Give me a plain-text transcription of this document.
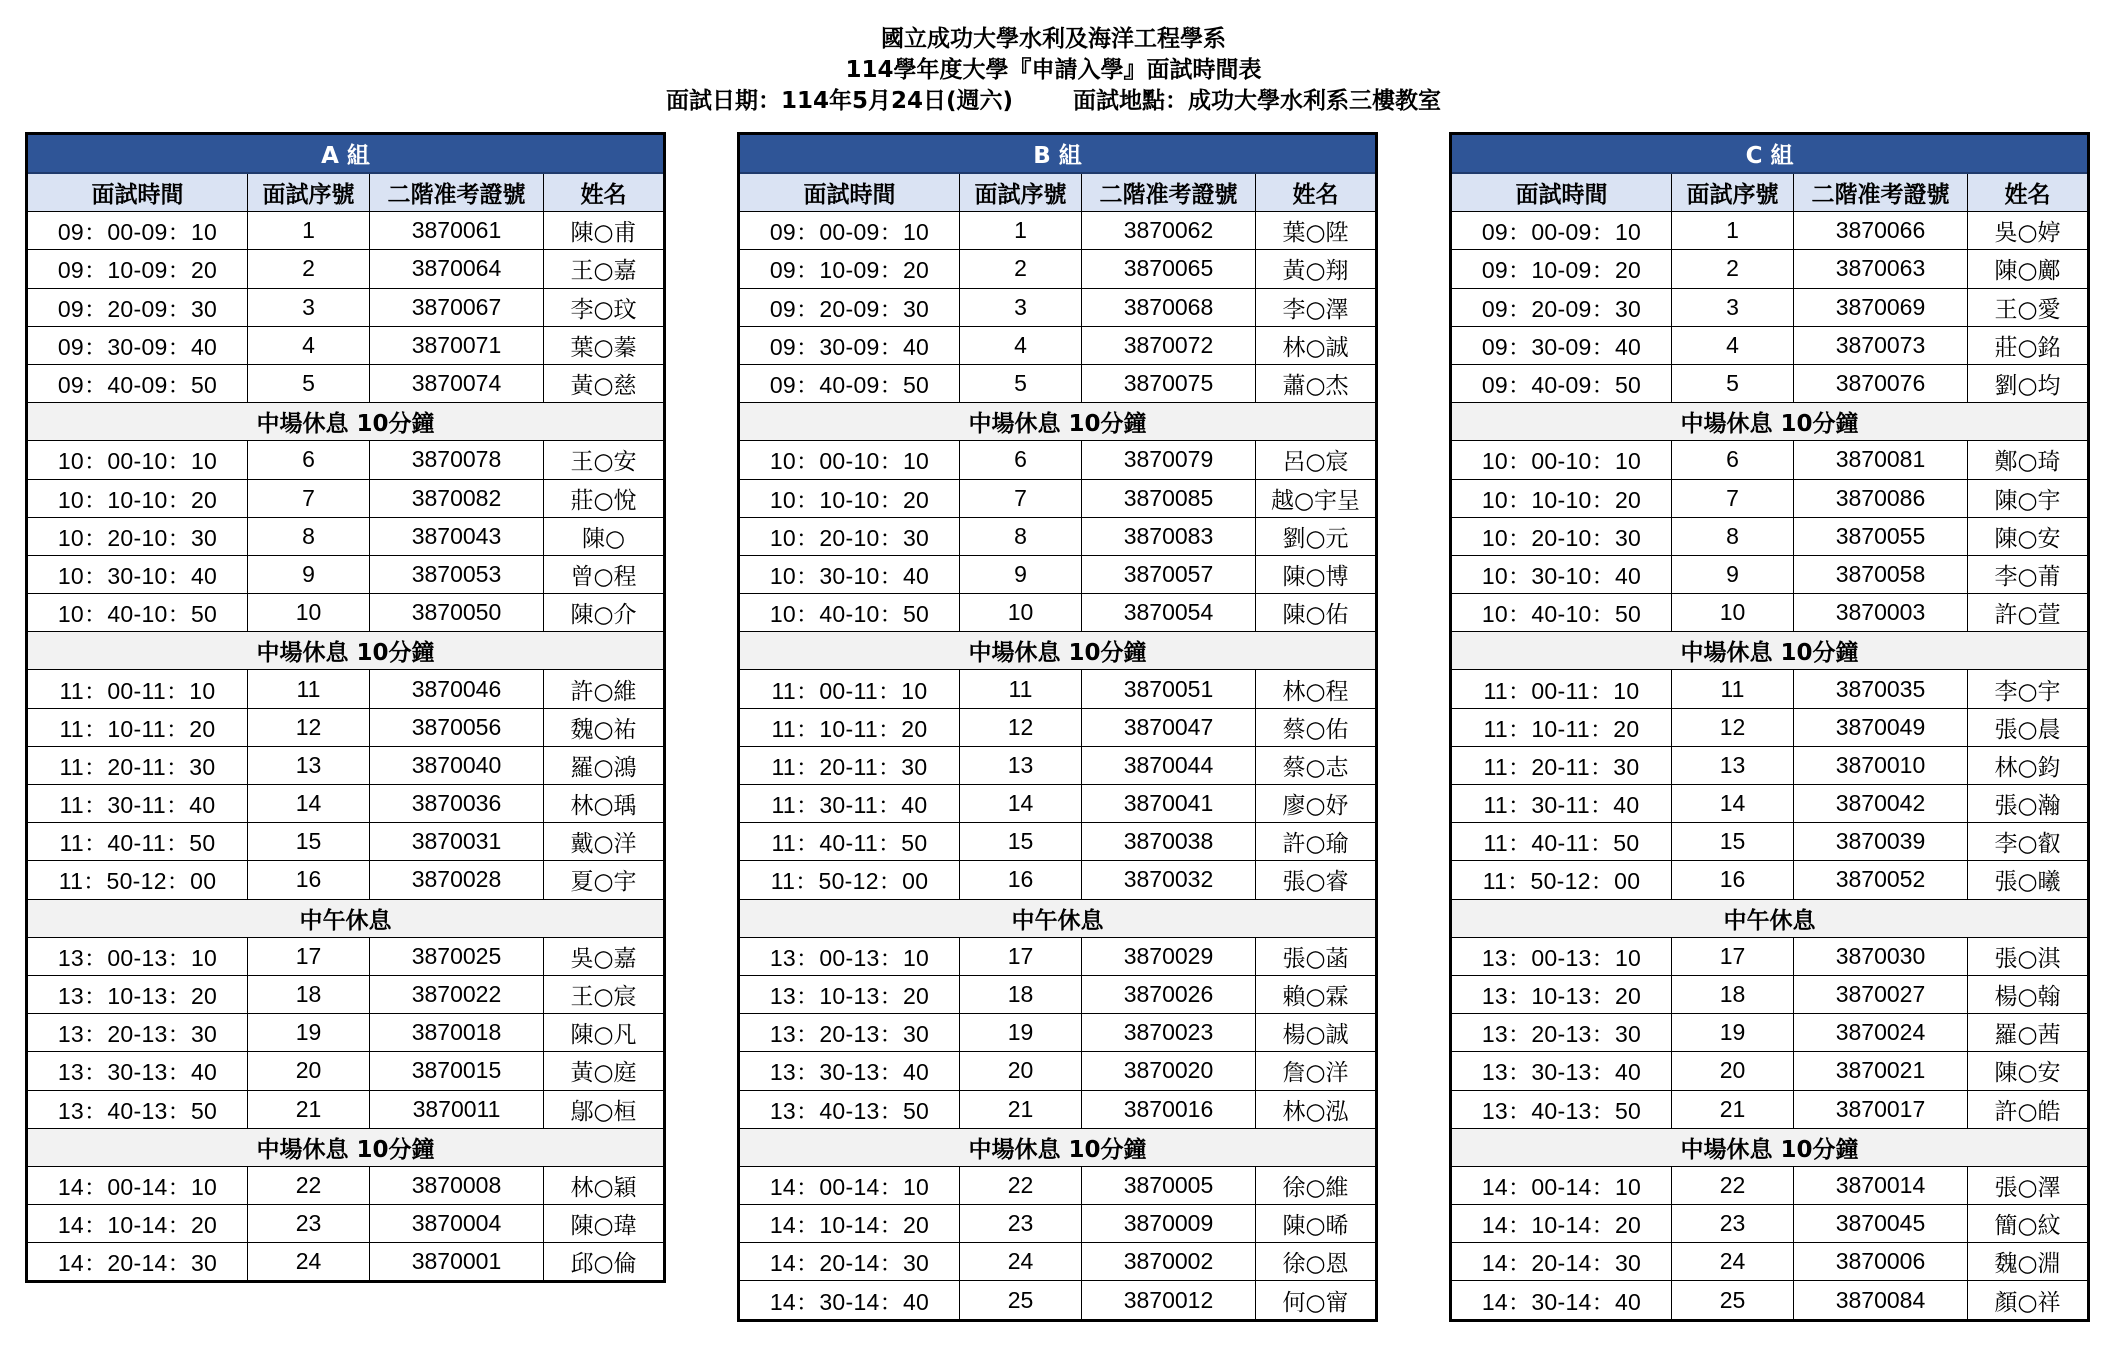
國立成功大學水利及海洋工程學系
114學年度大學『申請入學』面試時間表
面試日期：114年5月24日(週六)	面試地點：成功大學水利系三樓教室
A 組			
面試時間	面試序號	二階准考證號	姓名
09：00-09：10	1	3870061	陳○甫
09：10-09：20	2	3870064	王○嘉
09：20-09：30	3	3870067	李○玟
09：30-09：40	4	3870071	葉○蓁
09：40-09：50	5	3870074	黃○慈
中場休息 10分鐘			
10：00-10：10	6	3870078	王○安
10：10-10：20	7	3870082	莊○悅
10：20-10：30	8	3870043	陳○
10：30-10：40	9	3870053	曾○程
10：40-10：50	10	3870050	陳○介
中場休息 10分鐘			
11：00-11：10	11	3870046	許○維
11：10-11：20	12	3870056	魏○祐
11：20-11：30	13	3870040	羅○鴻
11：30-11：40	14	3870036	林○瑀
11：40-11：50	15	3870031	戴○洋
11：50-12：00	16	3870028	夏○宇
中午休息			
13：00-13：10	17	3870025	吳○嘉
13：10-13：20	18	3870022	王○宸
13：20-13：30	19	3870018	陳○凡
13：30-13：40	20	3870015	黃○庭
13：40-13：50	21	3870011	鄔○桓
中場休息 10分鐘			
14：00-14：10	22	3870008	林○穎
14：10-14：20	23	3870004	陳○瑋
14：20-14：30	24	3870001	邱○倫
B 組			
面試時間	面試序號	二階准考證號	姓名
09：00-09：10	1	3870062	葉○陞
09：10-09：20	2	3870065	黃○翔
09：20-09：30	3	3870068	李○澤
09：30-09：40	4	3870072	林○誠
09：40-09：50	5	3870075	蕭○杰
中場休息 10分鐘			
10：00-10：10	6	3870079	呂○宸
10：10-10：20	7	3870085	越○宇呈
10：20-10：30	8	3870083	劉○元
10：30-10：40	9	3870057	陳○博
10：40-10：50	10	3870054	陳○佑
中場休息 10分鐘			
11：00-11：10	11	3870051	林○程
11：10-11：20	12	3870047	蔡○佑
11：20-11：30	13	3870044	蔡○志
11：30-11：40	14	3870041	廖○妤
11：40-11：50	15	3870038	許○瑜
11：50-12：00	16	3870032	張○睿
中午休息			
13：00-13：10	17	3870029	張○菡
13：10-13：20	18	3870026	賴○霖
13：20-13：30	19	3870023	楊○誠
13：30-13：40	20	3870020	詹○洋
13：40-13：50	21	3870016	林○泓
中場休息 10分鐘			
14：00-14：10	22	3870005	徐○維
14：10-14：20	23	3870009	陳○晞
14：20-14：30	24	3870002	徐○恩
14：30-14：40	25	3870012	何○甯
C 組			
面試時間	面試序號	二階准考證號	姓名
09：00-09：10	1	3870066	吳○婷
09：10-09：20	2	3870063	陳○鄺
09：20-09：30	3	3870069	王○愛
09：30-09：40	4	3870073	莊○銘
09：40-09：50	5	3870076	劉○均
中場休息 10分鐘			
10：00-10：10	6	3870081	鄭○琦
10：10-10：20	7	3870086	陳○宇
10：20-10：30	8	3870055	陳○安
10：30-10：40	9	3870058	李○莆
10：40-10：50	10	3870003	許○萱
中場休息 10分鐘			
11：00-11：10	11	3870035	李○宇
11：10-11：20	12	3870049	張○晨
11：20-11：30	13	3870010	林○鈞
11：30-11：40	14	3870042	張○瀚
11：40-11：50	15	3870039	李○叡
11：50-12：00	16	3870052	張○曦
中午休息			
13：00-13：10	17	3870030	張○淇
13：10-13：20	18	3870027	楊○翰
13：20-13：30	19	3870024	羅○茜
13：30-13：40	20	3870021	陳○安
13：40-13：50	21	3870017	許○皓
中場休息 10分鐘			
14：00-14：10	22	3870014	張○澤
14：10-14：20	23	3870045	簡○紋
14：20-14：30	24	3870006	魏○淵
14：30-14：40	25	3870084	顏○祥
